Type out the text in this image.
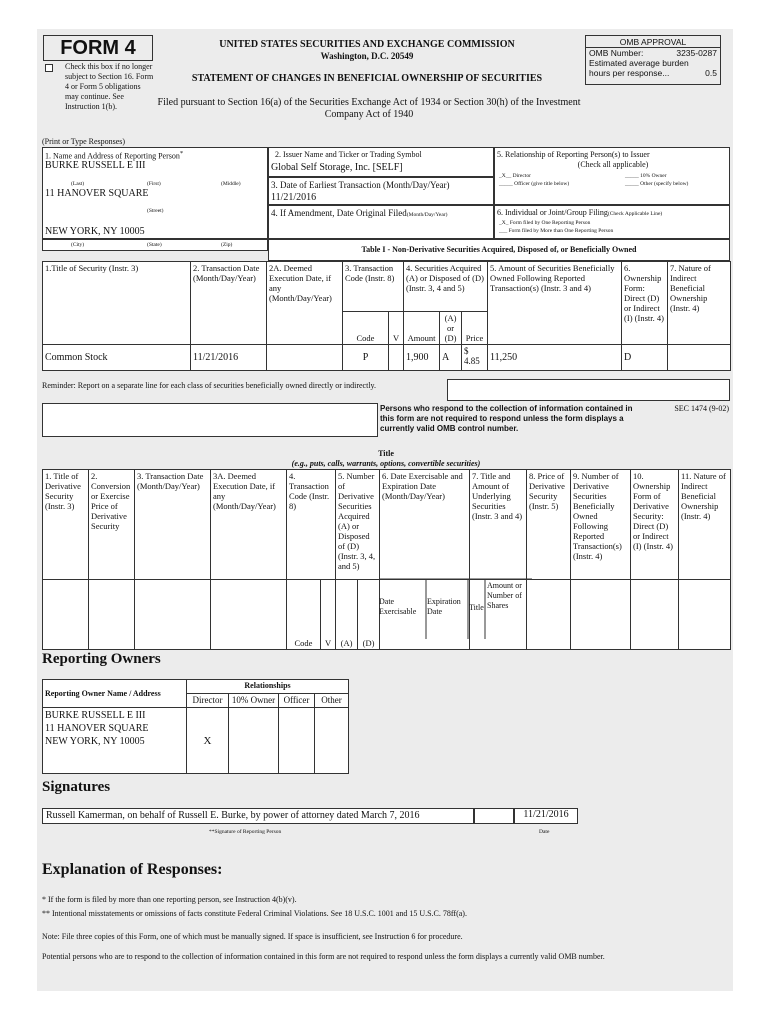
FORM 4
Check this box if no longer subject to Section 16. Form 4 or Form 5 obligations may continue. See Instruction 1(b).
UNITED STATES SECURITIES AND EXCHANGE COMMISSION
Washington, D.C. 20549
STATEMENT OF CHANGES IN BENEFICIAL OWNERSHIP OF SECURITIES
Filed pursuant to Section 16(a) of the Securities Exchange Act of 1934 or Section 30(h) of the Investment Company Act of 1940
OMB APPROVAL
OMB Number:	3235-0287
Estimated average burden
hours per response...	0.5
(Print or Type Responses)
1. Name and Address of Reporting Person*
BURKE RUSSELL E III
(Last)	(First)	(Middle)
11 HANOVER SQUARE
(Street)
NEW YORK, NY 10005
(City)	(State)	(Zip)
2. Issuer Name and Ticker or Trading Symbol
Global Self Storage, Inc. [SELF]
3. Date of Earliest Transaction (Month/Day/Year)
11/21/2016
4. If Amendment, Date Original Filed(Month/Day/Year)
5. Relationship of Reporting Person(s) to Issuer
(Check all applicable)
_X__ Director	_____ 10% Owner
_____ Officer (give title below)	_____ Other (specify below)
6. Individual or Joint/Group Filing(Check Applicable Line)
_X_ Form filed by One Reporting Person
___ Form filed by More than One Reporting Person
Table I - Non-Derivative Securities Acquired, Disposed of, or Beneficially Owned
1.Title of Security (Instr. 3)	2. Transaction Date (Month/Day/Year)	2A. Deemed Execution Date, if any (Month/Day/Year)	3. Transaction Code (Instr. 8)		4. Securities Acquired (A) or Disposed of (D) (Instr. 3, 4 and 5)			5. Amount of Securities Beneficially Owned Following Reported Transaction(s) (Instr. 3 and 4)	6. Ownership Form: Direct (D) or Indirect (I) (Instr. 4)	7. Nature of Indirect Beneficial Ownership (Instr. 4)
			Code	V	Amount	(A) or (D)	Price			
Common Stock	11/21/2016		P		1,900	A	$ 4.85	11,250	D	
Reminder: Report on a separate line for each class of securities beneficially owned directly or indirectly.
Persons who respond to the collection of information contained in this form are not required to respond unless the form displays a currently valid OMB control number.
SEC 1474 (9-02)
Title
(e.g., puts, calls, warrants, options, convertible securities)
1. Title of Derivative Security (Instr. 3)	2. Conversion or Exercise Price of Derivative Security	3. Transaction Date (Month/Day/Year)	3A. Deemed Execution Date, if any (Month/Day/Year)	4. Transaction Code (Instr. 8)		5. Number of Derivative Securities Acquired (A) or Disposed of (D) (Instr. 3, 4, and 5)		6. Date Exercisable and Expiration Date (Month/Day/Year)	7. Title and Amount of Underlying Securities (Instr. 3 and 4)	8. Price of Derivative Security (Instr. 5)	9. Number of Derivative Securities Beneficially Owned Following Reported Transaction(s) (Instr. 4)	10. Ownership Form of Derivative Security: Direct (D) or Indirect (I) (Instr. 4)	11. Nature of Indirect Beneficial Ownership (Instr. 4)

				Code	V	(A)	(D)						
Date Exercisable
Expiration Date	Title
Amount or Number of Shares
Reporting Owners
Reporting Owner Name / Address	Relationships			
	Director	10% Owner	Officer	Other

BURKE RUSSELL E III
11 HANOVER SQUARE
NEW YORK, NY 10005	X			
Signatures
Russell Kamerman, on behalf of Russell E. Burke, by power of attorney dated March 7, 2016	11/21/2016
**Signature of Reporting Person	Date
Explanation of Responses:
* If the form is filed by more than one reporting person, see Instruction 4(b)(v).
** Intentional misstatements or omissions of facts constitute Federal Criminal Violations. See 18 U.S.C. 1001 and 15 U.S.C. 78ff(a).
Note: File three copies of this Form, one of which must be manually signed. If space is insufficient, see Instruction 6 for procedure.
Potential persons who are to respond to the collection of information contained in this form are not required to respond unless the form displays a currently valid OMB number.
